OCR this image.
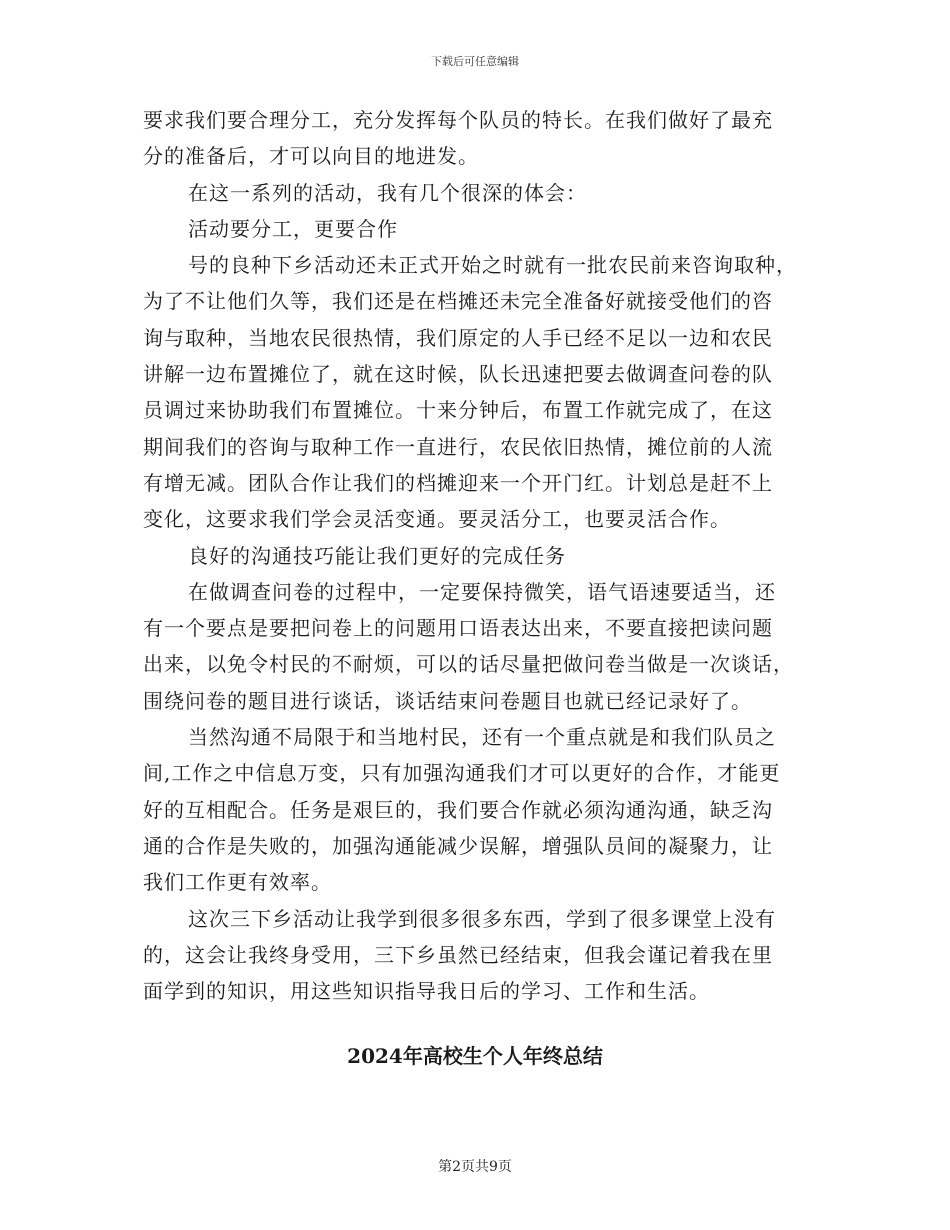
下载后可任意编辑
要求我们要合理分工，充分发挥每个队员的特长。在我们做好了最充
分的准备后，才可以向目的地进发。
在这一系列的活动，我有几个很深的体会：
活动要分工，更要合作
号的良种下乡活动还未正式开始之时就有一批农民前来咨询取种，
为了不让他们久等，我们还是在档摊还未完全准备好就接受他们的咨
询与取种，当地农民很热情，我们原定的人手已经不足以一边和农民
讲解一边布置摊位了，就在这时候，队长迅速把要去做调查问卷的队
员调过来协助我们布置摊位。十来分钟后，布置工作就完成了，在这
期间我们的咨询与取种工作一直进行，农民依旧热情，摊位前的人流
有增无减。团队合作让我们的档摊迎来一个开门红。计划总是赶不上
变化，这要求我们学会灵活变通。要灵活分工，也要灵活合作。
良好的沟通技巧能让我们更好的完成任务
在做调查问卷的过程中，一定要保持微笑，语气语速要适当，还
有一个要点是要把问卷上的问题用口语表达出来，不要直接把读问题
出来，以免令村民的不耐烦，可以的话尽量把做问卷当做是一次谈话，
围绕问卷的题目进行谈话，谈话结束问卷题目也就已经记录好了。
当然沟通不局限于和当地村民，还有一个重点就是和我们队员之
间,工作之中信息万变，只有加强沟通我们才可以更好的合作，才能更
好的互相配合。任务是艰巨的，我们要合作就必须沟通沟通，缺乏沟
通的合作是失败的，加强沟通能减少误解，增强队员间的凝聚力，让
我们工作更有效率。
这次三下乡活动让我学到很多很多东西，学到了很多课堂上没有
的，这会让我终身受用，三下乡虽然已经结束，但我会谨记着我在里
面学到的知识，用这些知识指导我日后的学习、工作和生活。
2024年高校生个人年终总结
第2页共9页
